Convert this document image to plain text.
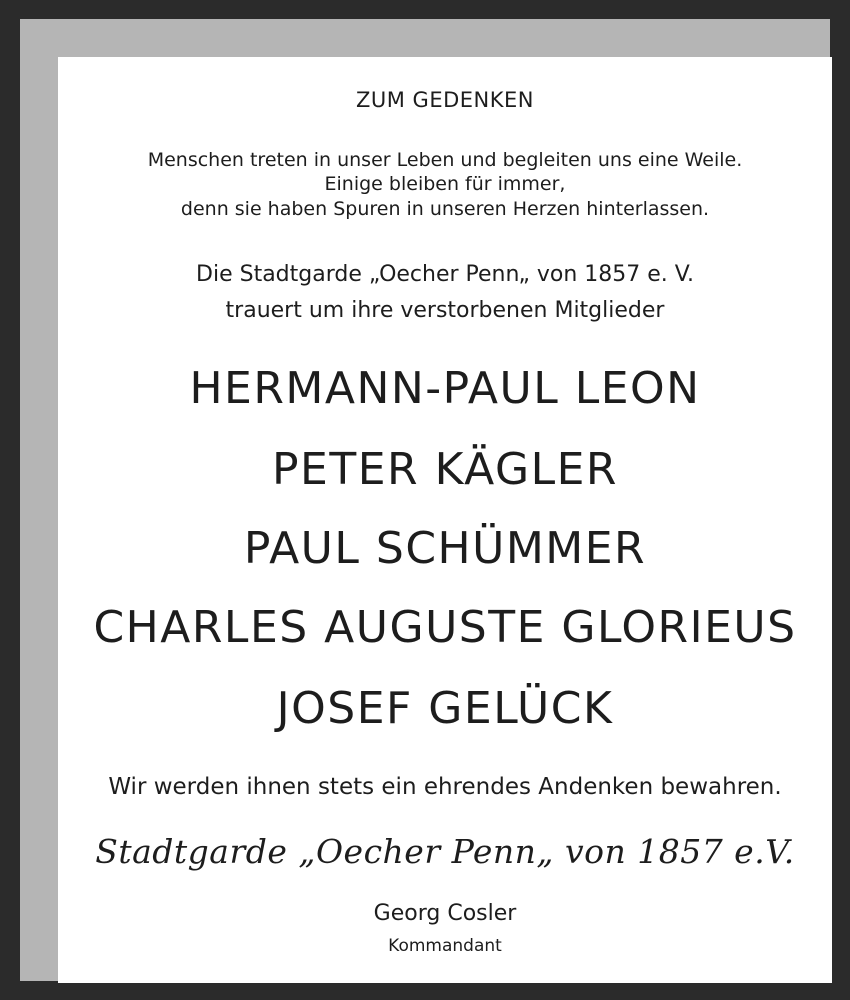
ZUM GEDENKEN

Menschen treten in unser Leben und begleiten uns eine Weile.

Einige bleiben für immer,

denn sie haben Spuren in unseren Herzen hinterlassen.

Die Stadtgarde „Oecher Penn„ von 1857 e. V.

trauert um ihre verstorbenen Mitglieder

HERMANN-PAUL LEON

PETER KÄGLER

PAUL SCHÜMMER

CHARLES AUGUSTE GLORIEUS

JOSEF GELÜCK

Wir werden ihnen stets ein ehrendes Andenken bewahren.

Stadtgarde „Oecher Penn„ von 1857 e.V.

Georg Cosler

Kommandant
